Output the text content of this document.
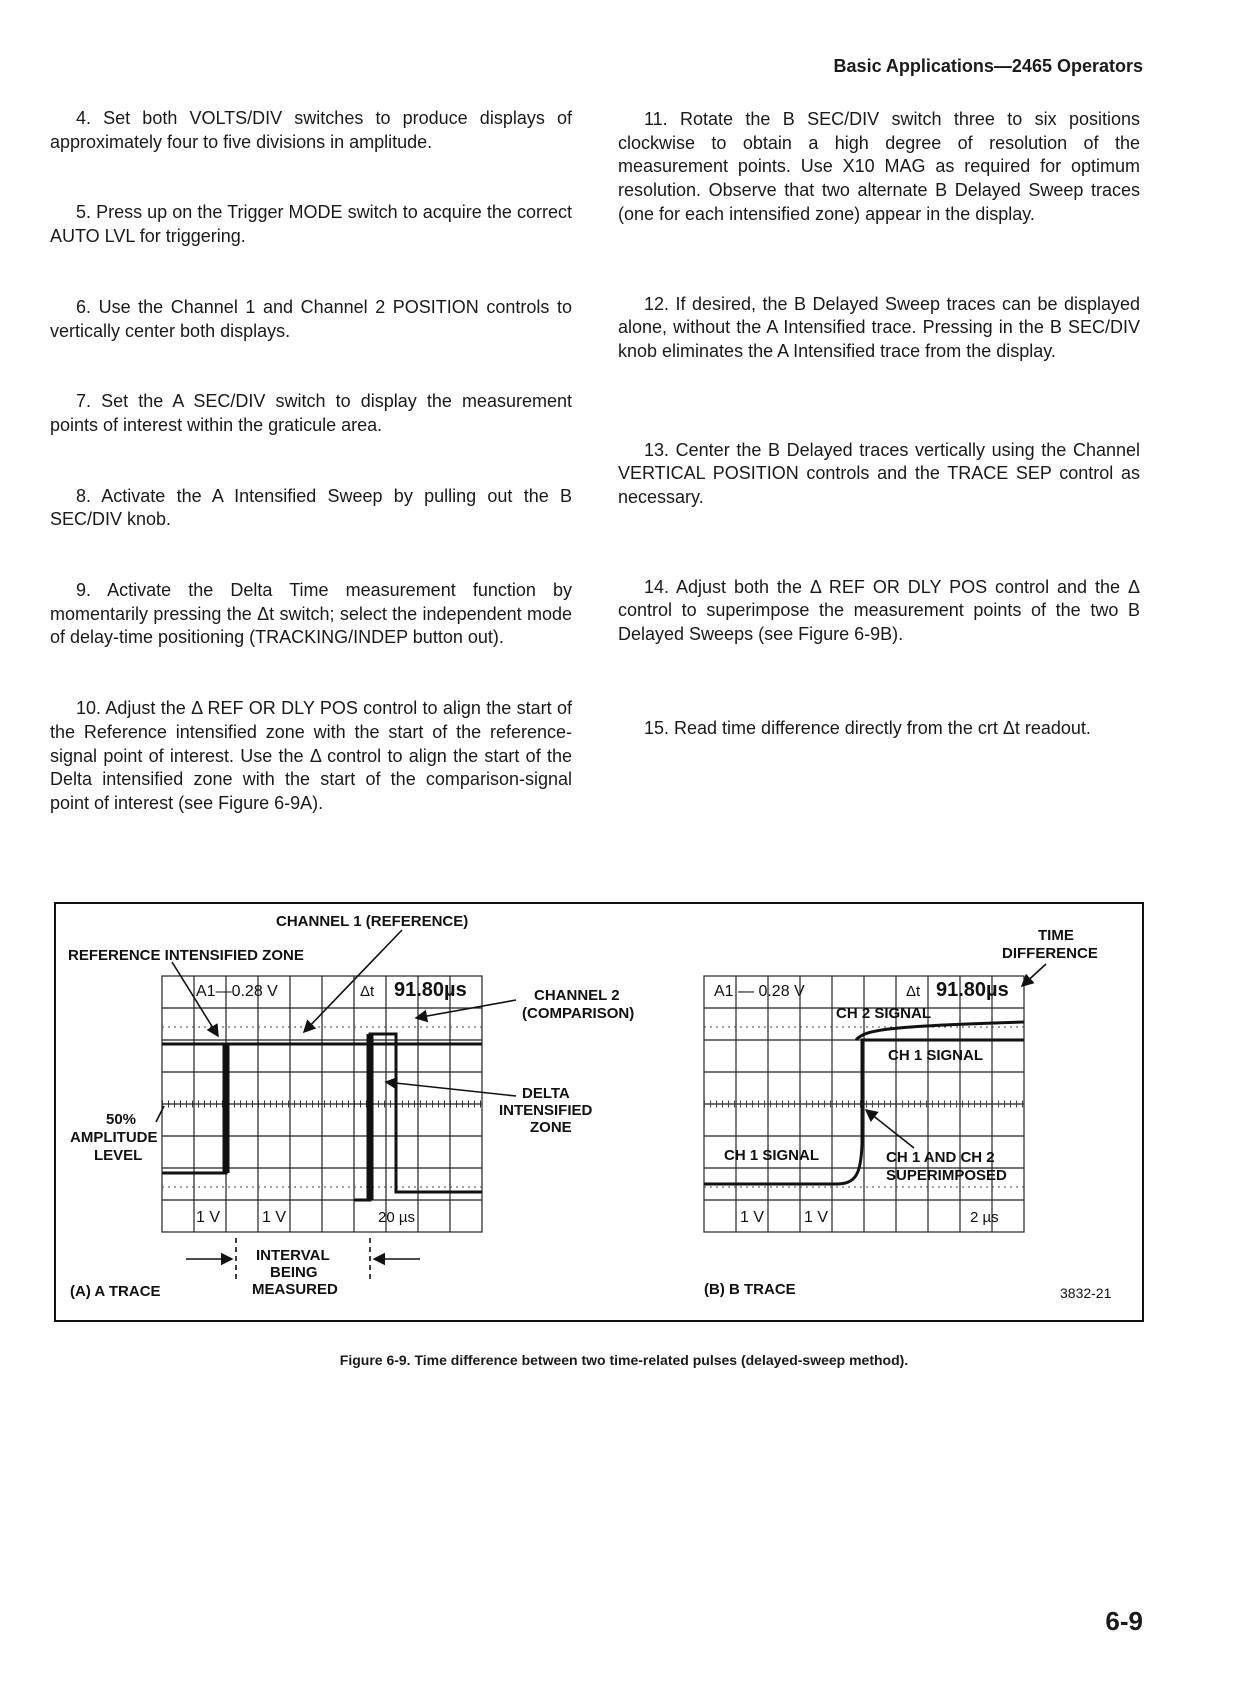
Basic Applications—2465 Operators

4. Set both VOLTS/DIV switches to produce displays of approximately four to five divisions in amplitude.

5. Press up on the Trigger MODE switch to acquire the correct AUTO LVL for triggering.

6. Use the Channel 1 and Channel 2 POSITION controls to vertically center both displays.

7. Set the A SEC/DIV switch to display the measurement points of interest within the graticule area.

8. Activate the A Intensified Sweep by pulling out the B SEC/DIV knob.

9. Activate the Delta Time measurement function by momentarily pressing the Δt switch; select the independent mode of delay-time positioning (TRACKING/INDEP button out).

10. Adjust the Δ REF OR DLY POS control to align the start of the Reference intensified zone with the start of the reference-signal point of interest. Use the Δ control to align the start of the Delta intensified zone with the start of the comparison-signal point of interest (see Figure 6-9A).

11. Rotate the B SEC/DIV switch three to six positions clockwise to obtain a high degree of resolution of the measurement points. Use X10 MAG as required for optimum resolution. Observe that two alternate B Delayed Sweep traces (one for each intensified zone) appear in the display.

12. If desired, the B Delayed Sweep traces can be displayed alone, without the A Intensified trace. Pressing in the B SEC/DIV knob eliminates the A Intensified trace from the display.

13. Center the B Delayed traces vertically using the Channel VERTICAL POSITION controls and the TRACE SEP control as necessary.

14. Adjust both the Δ REF OR DLY POS control and the Δ control to superimpose the measurement points of the two B Delayed Sweeps (see Figure 6-9B).

15. Read time difference directly from the crt Δt readout.

A1—0.28 V	Δt 91.80µs
1 V	1 V	20 µs
CHANNEL 1 (REFERENCE)
REFERENCE INTENSIFIED ZONE
CHANNEL 2
(COMPARISON)
DELTA
INTENSIFIED
ZONE
50%
AMPLITUDE
LEVEL
INTERVAL
BEING
MEASURED
(A) A TRACE
A1 — 0.28 V	Δt 91.80µs
CH 2 SIGNAL
CH 1 SIGNAL
CH 1 SIGNAL	CH 1 AND CH 2
SUPERIMPOSED
1 V 1 V	2 µs
TIME
DIFFERENCE
(B) B TRACE	3832-21
Figure 6-9. Time difference between two time-related pulses (delayed-sweep method).
6-9
